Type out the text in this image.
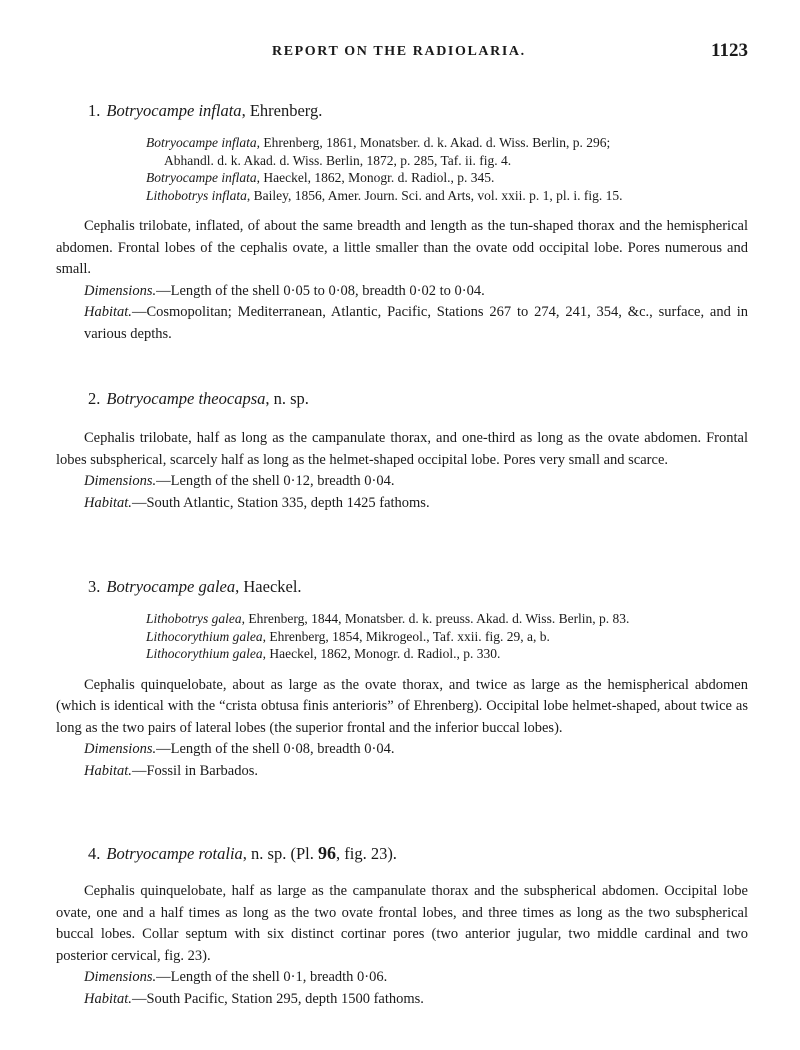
REPORT ON THE RADIOLARIA.	1123
1. Botryocampe inflata, Ehrenberg.
Botryocampe inflata, Ehrenberg, 1861, Monatsber. d. k. Akad. d. Wiss. Berlin, p. 296;
Abhandl. d. k. Akad. d. Wiss. Berlin, 1872, p. 285, Taf. ii. fig. 4.
Botryocampe inflata, Haeckel, 1862, Monogr. d. Radiol., p. 345.
Lithobotrys inflata, Bailey, 1856, Amer. Journ. Sci. and Arts, vol. xxii. p. 1, pl. i. fig. 15.
Cephalis trilobate, inflated, of about the same breadth and length as the tun-shaped thorax and the hemispherical abdomen. Frontal lobes of the cephalis ovate, a little smaller than the ovate odd occipital lobe. Pores numerous and small.
Dimensions.—Length of the shell 0·05 to 0·08, breadth 0·02 to 0·04.
Habitat.—Cosmopolitan; Mediterranean, Atlantic, Pacific, Stations 267 to 274, 241, 354, &c., surface, and in various depths.
2. Botryocampe theocapsa, n. sp.
Cephalis trilobate, half as long as the campanulate thorax, and one-third as long as the ovate abdomen. Frontal lobes subspherical, scarcely half as long as the helmet-shaped occipital lobe. Pores very small and scarce.
Dimensions.—Length of the shell 0·12, breadth 0·04.
Habitat.—South Atlantic, Station 335, depth 1425 fathoms.
3. Botryocampe galea, Haeckel.
Lithobotrys galea, Ehrenberg, 1844, Monatsber. d. k. preuss. Akad. d. Wiss. Berlin, p. 83.
Lithocorythium galea, Ehrenberg, 1854, Mikrogeol., Taf. xxii. fig. 29, a, b.
Lithocorythium galea, Haeckel, 1862, Monogr. d. Radiol., p. 330.
Cephalis quinquelobate, about as large as the ovate thorax, and twice as large as the hemispherical abdomen (which is identical with the “crista obtusa finis anterioris” of Ehrenberg). Occipital lobe helmet-shaped, about twice as long as the two pairs of lateral lobes (the superior frontal and the inferior buccal lobes).
Dimensions.—Length of the shell 0·08, breadth 0·04.
Habitat.—Fossil in Barbados.
4. Botryocampe rotalia, n. sp. (Pl. 96, fig. 23).
Cephalis quinquelobate, half as large as the campanulate thorax and the subspherical abdomen. Occipital lobe ovate, one and a half times as long as the two ovate frontal lobes, and three times as long as the two subspherical buccal lobes. Collar septum with six distinct cortinar pores (two anterior jugular, two middle cardinal and two posterior cervical, fig. 23).
Dimensions.—Length of the shell 0·1, breadth 0·06.
Habitat.—South Pacific, Station 295, depth 1500 fathoms.
